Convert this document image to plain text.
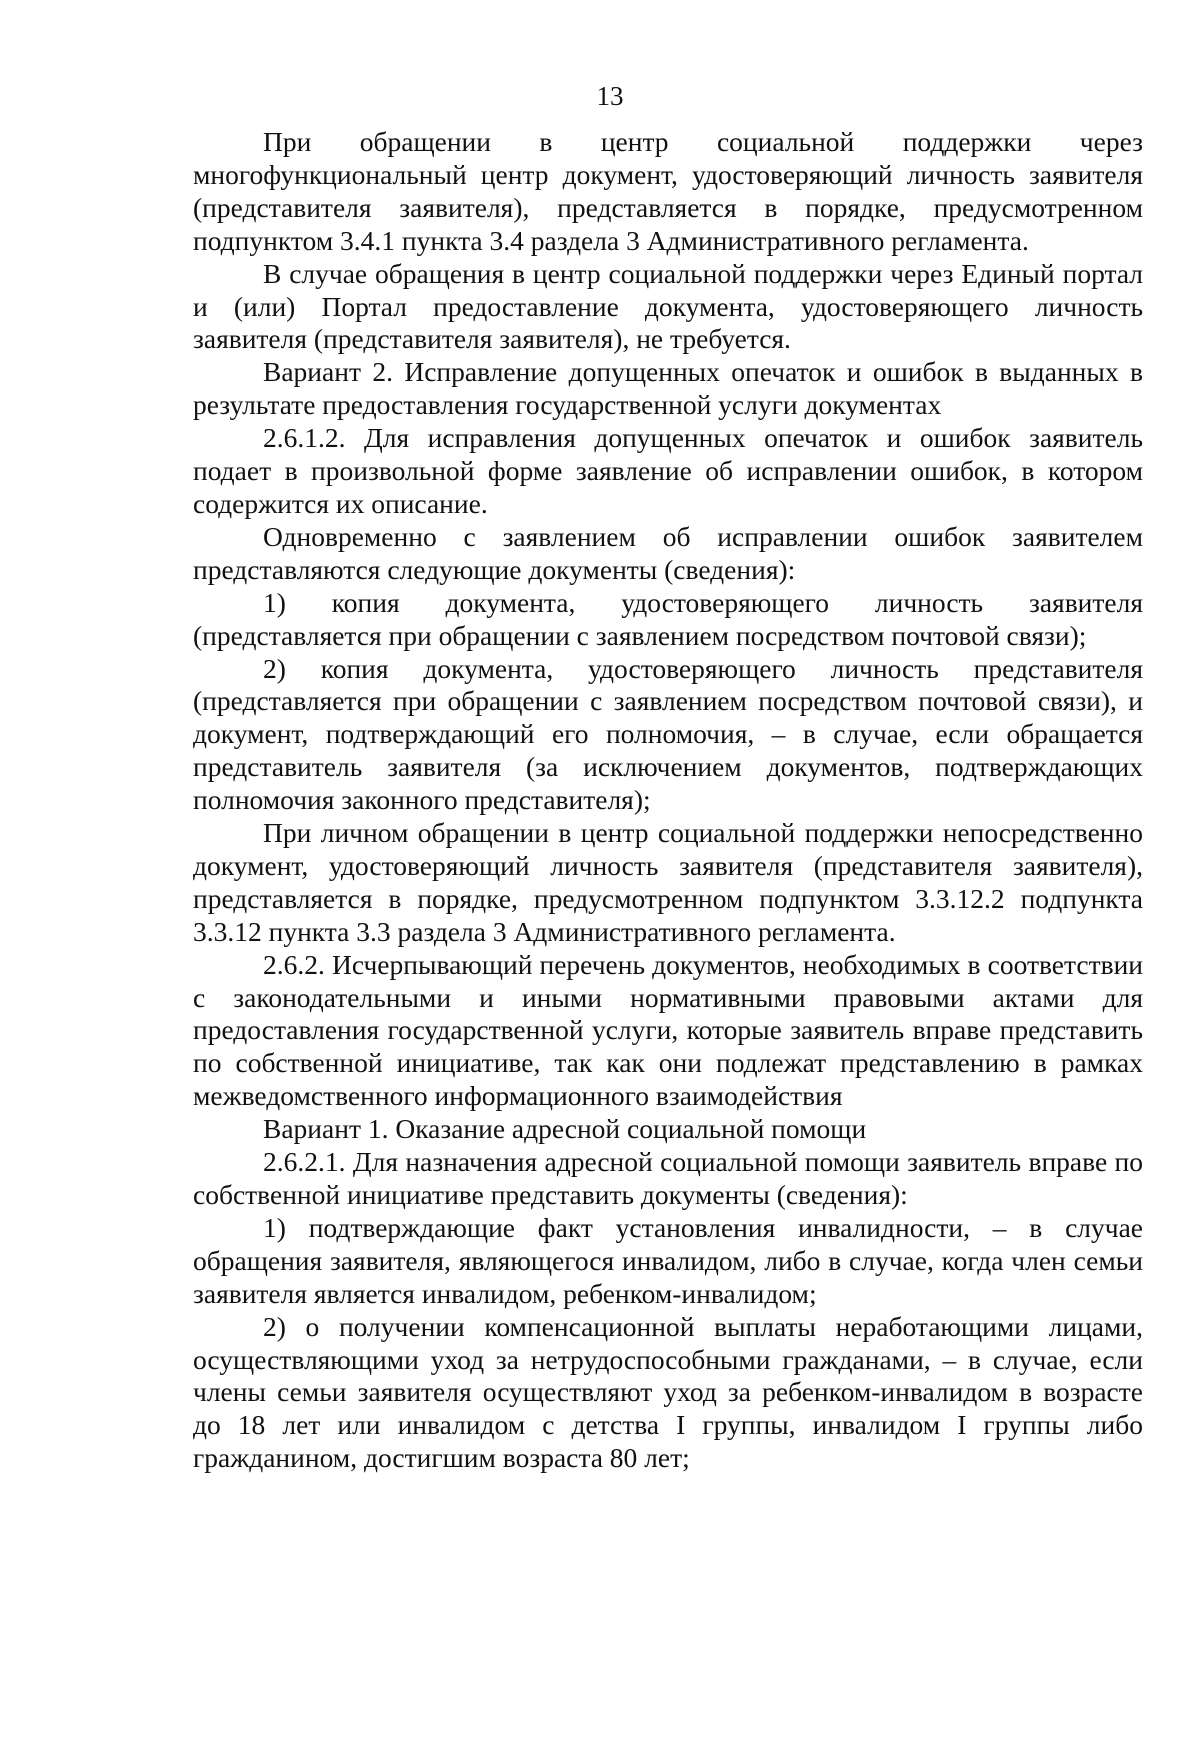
13

При обращении в центр социальной поддержки через многофункциональный центр документ, удостоверяющий личность заявителя (представителя заявителя), представляется в порядке, предусмотренном подпунктом 3.4.1 пункта 3.4 раздела 3 Административного регламента.

В случае обращения в центр социальной поддержки через Единый портал и (или) Портал предоставление документа, удостоверяющего личность заявителя (представителя заявителя), не требуется.

Вариант 2. Исправление допущенных опечаток и ошибок в выданных в результате предоставления государственной услуги документах

2.6.1.2. Для исправления допущенных опечаток и ошибок заявитель подает в произвольной форме заявление об исправлении ошибок, в котором содержится их описание.

Одновременно с заявлением об исправлении ошибок заявителем представляются следующие документы (сведения):

1) копия документа, удостоверяющего личность заявителя (представляется при обращении с заявлением посредством почтовой связи);

2) копия документа, удостоверяющего личность представителя (представляется при обращении с заявлением посредством почтовой связи), и документ, подтверждающий его полномочия, – в случае, если обращается представитель заявителя (за исключением документов, подтверждающих полномочия законного представителя);

При личном обращении в центр социальной поддержки непосредственно документ, удостоверяющий личность заявителя (представителя заявителя), представляется в порядке, предусмотренном подпунктом 3.3.12.2 подпункта 3.3.12 пункта 3.3 раздела 3 Административного регламента.

2.6.2. Исчерпывающий перечень документов, необходимых в соответствии с законодательными и иными нормативными правовыми актами для предоставления государственной услуги, которые заявитель вправе представить по собственной инициативе, так как они подлежат представлению в рамках межведомственного информационного взаимодействия

Вариант 1. Оказание адресной социальной помощи

2.6.2.1. Для назначения адресной социальной помощи заявитель вправе по собственной инициативе представить документы (сведения):

1) подтверждающие факт установления инвалидности, – в случае обращения заявителя, являющегося инвалидом, либо в случае, когда член семьи заявителя является инвалидом, ребенком-инвалидом;

2) о получении компенсационной выплаты неработающими лицами, осуществляющими уход за нетрудоспособными гражданами, – в случае, если члены семьи заявителя осуществляют уход за ребенком-инвалидом в возрасте до 18 лет или инвалидом с детства I группы, инвалидом I группы либо гражданином, достигшим возраста 80 лет;
